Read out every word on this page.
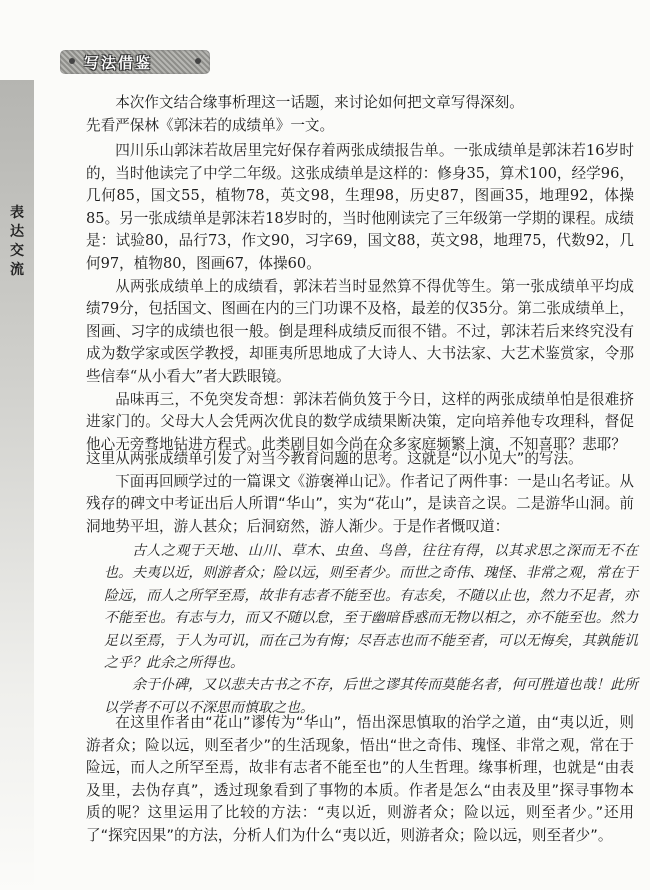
表达交流
写法借鉴

本次作文结合缘事析理这一话题，来讨论如何把文章写得深刻。

先看严保林《郭沫若的成绩单》一文。

四川乐山郭沫若故居里完好保存着两张成绩报告单。一张成绩单是郭沫若16岁时的，当时他读完了中学二年级。这张成绩单是这样的：修身35，算术100，经学96，几何85，国文55，植物78，英文98，生理98，历史87，图画35，地理92，体操85。另一张成绩单是郭沫若18岁时的，当时他刚读完了三年级第一学期的课程。成绩是：试验80，品行73，作文90，习字69，国文88，英文98，地理75，代数92，几何97，植物80，图画67，体操60。

从两张成绩单上的成绩看，郭沫若当时显然算不得优等生。第一张成绩单平均成绩79分，包括国文、图画在内的三门功课不及格，最差的仅35分。第二张成绩单上，图画、习字的成绩也很一般。倒是理科成绩反而很不错。不过，郭沫若后来终究没有成为数学家或医学教授，却匪夷所思地成了大诗人、大书法家、大艺术鉴赏家，令那些信奉“从小看大”者大跌眼镜。

品味再三，不免突发奇想：郭沫若倘负笈于今日，这样的两张成绩单怕是很难挤进家门的。父母大人会凭两次优良的数学成绩果断决策，定向培养他专攻理科，督促他心无旁骛地钻进方程式。此类剧目如今尚在众多家庭频繁上演，不知喜耶？悲耶？

这里从两张成绩单引发了对当今教育问题的思考。这就是“以小见大”的写法。

下面再回顾学过的一篇课文《游褒禅山记》。作者记了两件事：一是山名考证。从残存的碑文中考证出后人所谓“华山”，实为“花山”，是读音之误。二是游华山洞。前洞地势平坦，游人甚众；后洞窈然，游人渐少。于是作者慨叹道：

古人之观于天地、山川、草木、虫鱼、鸟兽，往往有得，以其求思之深而无不在也。夫夷以近，则游者众；险以远，则至者少。而世之奇伟、瑰怪、非常之观，常在于险远，而人之所罕至焉，故非有志者不能至也。有志矣，不随以止也，然力不足者，亦不能至也。有志与力，而又不随以怠，至于幽暗昏惑而无物以相之，亦不能至也。然力足以至焉，于人为可讥，而在己为有悔；尽吾志也而不能至者，可以无悔矣，其孰能讥之乎？此余之所得也。

余于仆碑，又以悲夫古书之不存，后世之谬其传而莫能名者，何可胜道也哉！此所以学者不可以不深思而慎取之也。

在这里作者由“花山”谬传为“华山”，悟出深思慎取的治学之道，由“夷以近，则游者众；险以远，则至者少”的生活现象，悟出“世之奇伟、瑰怪、非常之观，常在于险远，而人之所罕至焉，故非有志者不能至也”的人生哲理。缘事析理，也就是“由表及里，去伪存真”，透过现象看到了事物的本质。作者是怎么“由表及里”探寻事物本质的呢？这里运用了比较的方法：“夷以近，则游者众；险以远，则至者少。”还用了“探究因果”的方法，分析人们为什么“夷以近，则游者众；险以远，则至者少”。
